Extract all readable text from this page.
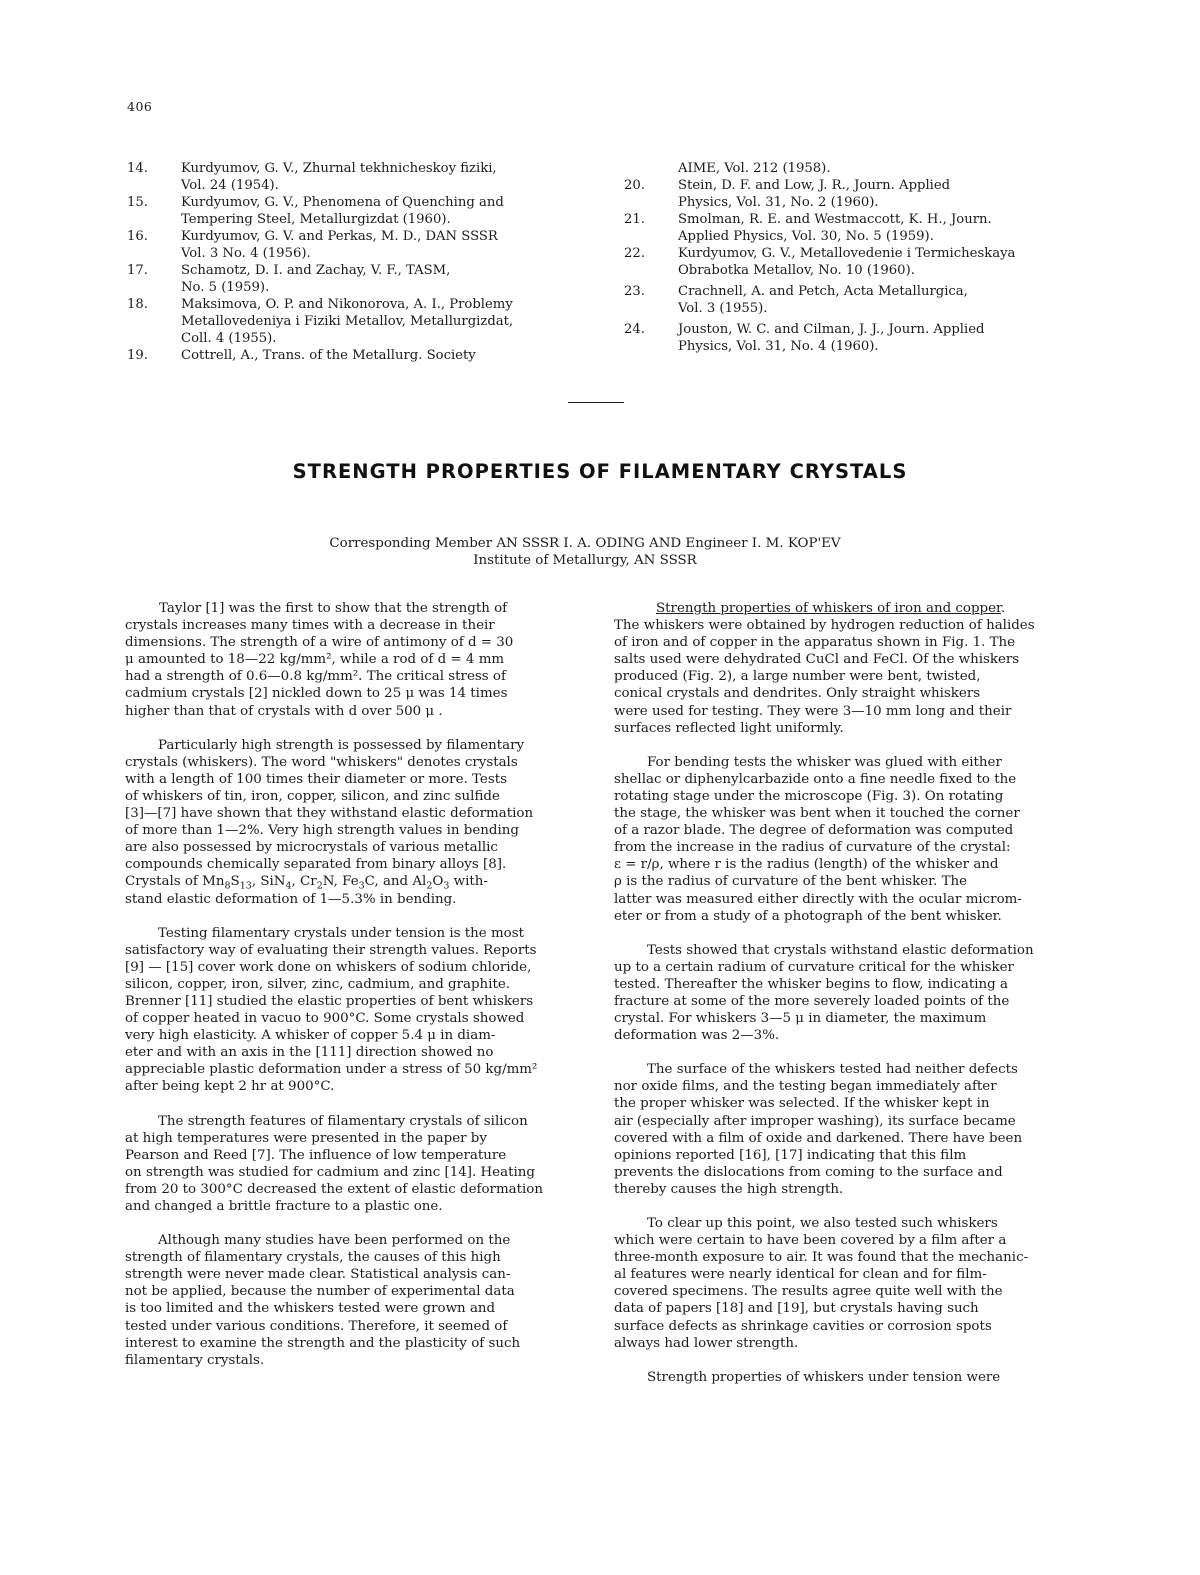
406
14.	Kurdyumov, G. V., Zhurnal tekhnicheskoy fiziki,
Vol. 24 (1954).
15.	Kurdyumov, G. V., Phenomena of Quenching and
Tempering Steel, Metallurgizdat (1960).
16.	Kurdyumov, G. V. and Perkas, M. D., DAN SSSR
Vol. 3 No. 4 (1956).
17.	Schamotz, D. I. and Zachay, V. F., TASM,
No. 5 (1959).
18.	Maksimova, O. P. and Nikonorova, A. I., Problemy
Metallovedeniya i Fiziki Metallov, Metallurgizdat,
Coll. 4 (1955).
19.	Cottrell, A., Trans. of the Metallurg. Society
AIME, Vol. 212 (1958).
20.	Stein, D. F. and Low, J. R., Journ. Applied
Physics, Vol. 31, No. 2 (1960).
21.	Smolman, R. E. and Westmaccott, K. H., Journ.
Applied Physics, Vol. 30, No. 5 (1959).
22.	Kurdyumov, G. V., Metallovedenie i Termicheskaya
Obrabotka Metallov, No. 10 (1960).
23.	Crachnell, A. and Petch, Acta Metallurgica,
Vol. 3 (1955).
24.	Jouston, W. C. and Cilman, J. J., Journ. Applied
Physics, Vol. 31, No. 4 (1960).
STRENGTH PROPERTIES OF FILAMENTARY CRYSTALS
Corresponding Member AN SSSR I. A. ODING AND Engineer I. M. KOP'EV
Institute of Metallurgy, AN SSSR

Taylor [1] was the first to show that the strength of
crystals increases many times with a decrease in their
dimensions. The strength of a wire of antimony of d = 30
μ amounted to 18—22 kg/mm², while a rod of d = 4 mm
had a strength of 0.6—0.8 kg/mm². The critical stress of
cadmium crystals [2] nickled down to 25 μ was 14 times
higher than that of crystals with d over 500 μ .

Particularly high strength is possessed by filamentary
crystals (whiskers). The word "whiskers" denotes crystals
with a length of 100 times their diameter or more. Tests
of whiskers of tin, iron, copper, silicon, and zinc sulfide
[3]—[7] have shown that they withstand elastic deformation
of more than 1—2%. Very high strength values in bending
are also possessed by microcrystals of various metallic
compounds chemically separated from binary alloys [8].
Crystals of $Mn_8S_{13}$, SiN$_4$, $Cr_2N$, $Fe_3C$, and $Al_2O_3$ with-
stand elastic deformation of 1—5.3% in bending.

Testing filamentary crystals under tension is the most
satisfactory way of evaluating their strength values. Reports
[9] — [15] cover work done on whiskers of sodium chloride,
silicon, copper, iron, silver, zinc, cadmium, and graphite.
Brenner [11] studied the elastic properties of bent whiskers
of copper heated in vacuo to 900°C. Some crystals showed
very high elasticity. A whisker of copper 5.4 μ in diam-
eter and with an axis in the [111] direction showed no
appreciable plastic deformation under a stress of 50 kg/mm²
after being kept 2 hr at 900°C.

The strength features of filamentary crystals of silicon
at high temperatures were presented in the paper by
Pearson and Reed [7]. The influence of low temperature
on strength was studied for cadmium and zinc [14]. Heating
from 20 to 300°C decreased the extent of elastic deformation
and changed a brittle fracture to a plastic one.

Although many studies have been performed on the
strength of filamentary crystals, the causes of this high
strength were never made clear. Statistical analysis can-
not be applied, because the number of experimental data
is too limited and the whiskers tested were grown and
tested under various conditions. Therefore, it seemed of
interest to examine the strength and the plasticity of such
filamentary crystals.

Strength properties of whiskers of iron and copper.
The whiskers were obtained by hydrogen reduction of halides
of iron and of copper in the apparatus shown in Fig. 1. The
salts used were dehydrated CuCl and FeCl. Of the whiskers
produced (Fig. 2), a large number were bent, twisted,
conical crystals and dendrites. Only straight whiskers
were used for testing. They were 3—10 mm long and their
surfaces reflected light uniformly.

For bending tests the whisker was glued with either
shellac or diphenylcarbazide onto a fine needle fixed to the
rotating stage under the microscope (Fig. 3). On rotating
the stage, the whisker was bent when it touched the corner
of a razor blade. The degree of deformation was computed
from the increase in the radius of curvature of the crystal:
ε = r/ρ, where r is the radius (length) of the whisker and
ρ is the radius of curvature of the bent whisker. The
latter was measured either directly with the ocular microm-
eter or from a study of a photograph of the bent whisker.

Tests showed that crystals withstand elastic deformation
up to a certain radium of curvature critical for the whisker
tested. Thereafter the whisker begins to flow, indicating a
fracture at some of the more severely loaded points of the
crystal. For whiskers 3—5 μ in diameter, the maximum
deformation was 2—3%.

The surface of the whiskers tested had neither defects
nor oxide films, and the testing began immediately after
the proper whisker was selected. If the whisker kept in
air (especially after improper washing), its surface became
covered with a film of oxide and darkened. There have been
opinions reported [16], [17] indicating that this film
prevents the dislocations from coming to the surface and
thereby causes the high strength.

To clear up this point, we also tested such whiskers
which were certain to have been covered by a film after a
three-month exposure to air. It was found that the mechanic-
al features were nearly identical for clean and for film-
covered specimens. The results agree quite well with the
data of papers [18] and [19], but crystals having such
surface defects as shrinkage cavities or corrosion spots
always had lower strength.

Strength properties of whiskers under tension were
